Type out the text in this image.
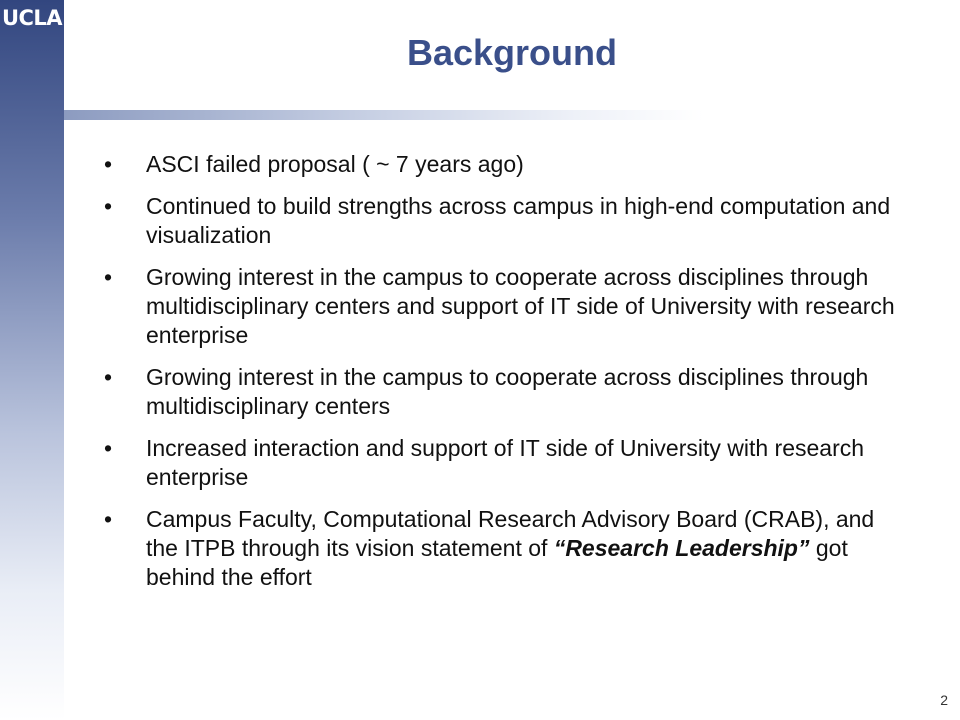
UCLA
Background
• ASCI failed proposal ( ~ 7 years ago)
• Continued to build strengths across campus in high-end computation and visualization
• Growing interest in the campus to cooperate across disciplines through multidisciplinary centers and support of IT side of University with research enterprise
• Growing interest in the campus to cooperate across disciplines through multidisciplinary centers
• Increased interaction and support of IT side of University with research enterprise
• Campus Faculty, Computational Research Advisory Board (CRAB), and the ITPB through its vision statement of “Research Leadership” got behind the effort
2
